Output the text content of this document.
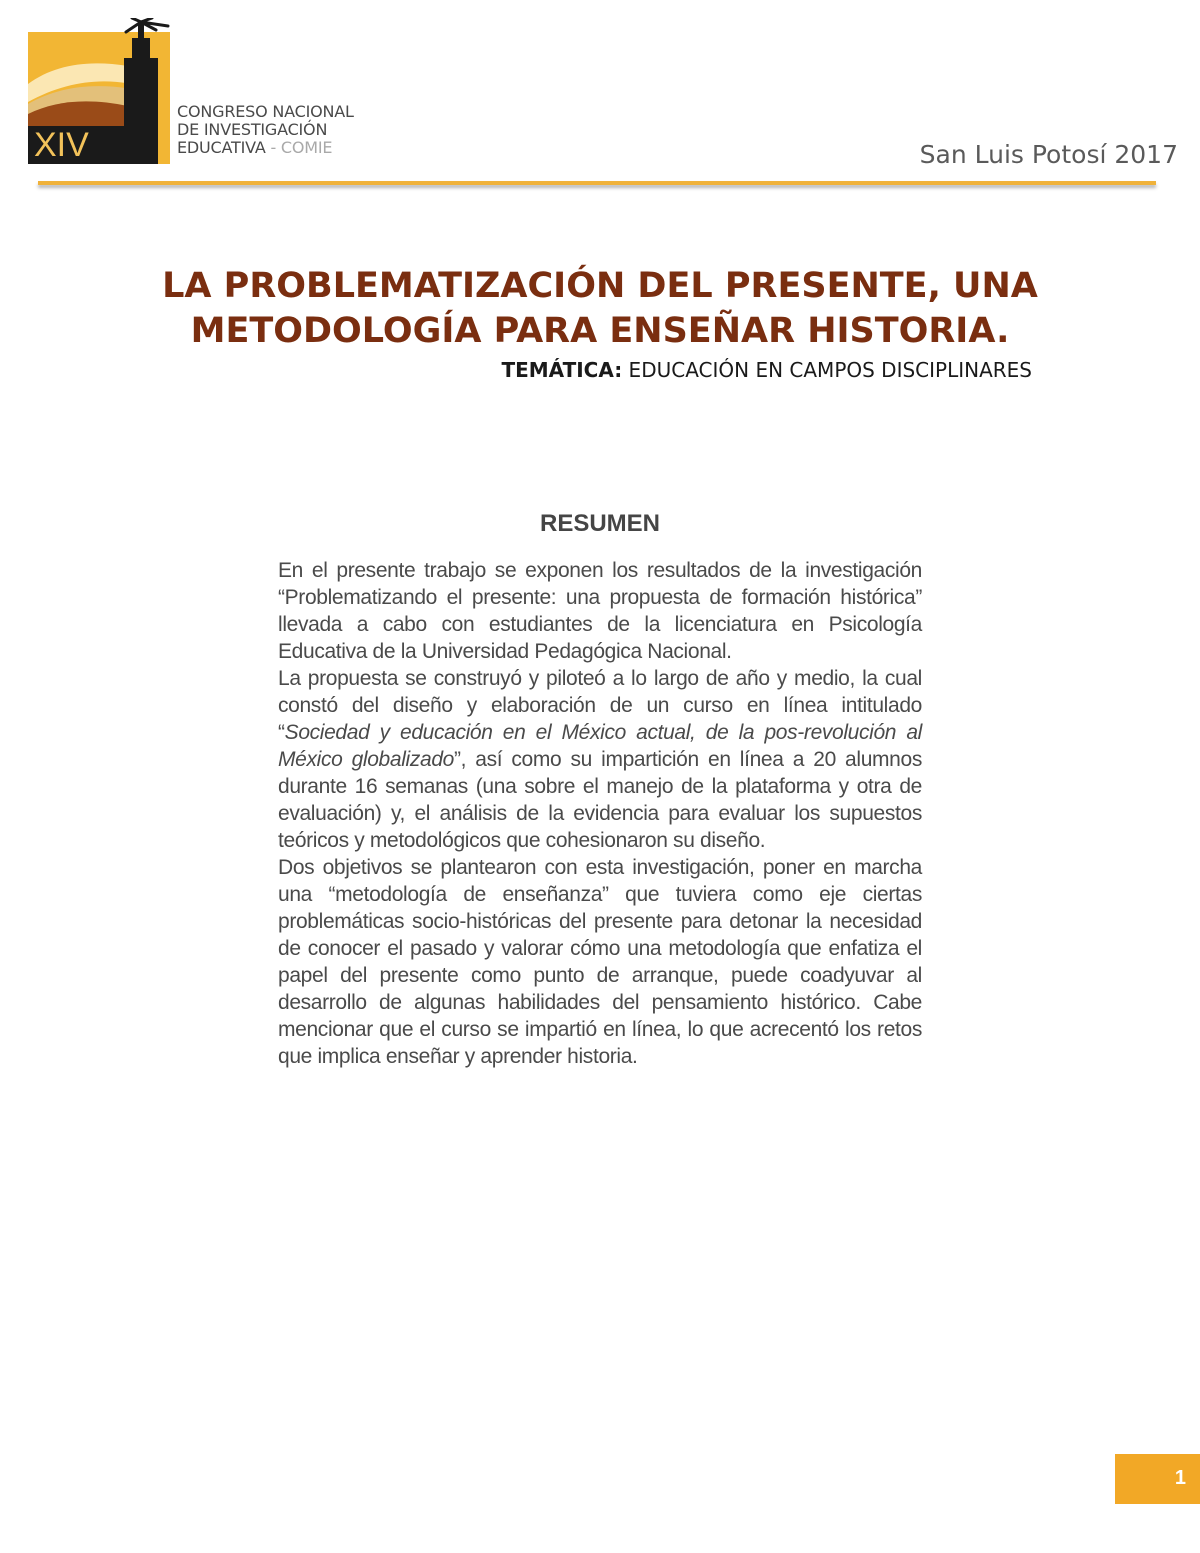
XIV
CONGRESO NACIONAL
DE INVESTIGACIÓN
EDUCATIVA - COMIE	San Luis Potosí 2017
LA PROBLEMATIZACIÓN DEL PRESENTE, UNA
METODOLOGÍA PARA ENSEÑAR HISTORIA.
TEMÁTICA: EDUCACIÓN EN CAMPOS DISCIPLINARES
RESUMEN

En el presente trabajo se exponen los resultados de la investigación “Problematizando el presente: una propuesta de formación histórica” llevada a cabo con estudiantes de la licenciatura en Psicología Educativa de la Universidad Pedagógica Nacional.

La propuesta se construyó y piloteó a lo largo de año y medio, la cual constó del diseño y elaboración de un curso en línea intitulado “Sociedad y educación en el México actual, de la pos-revolución al México globalizado”, así como su impartición en línea a 20 alumnos durante 16 semanas (una sobre el manejo de la plataforma y otra de evaluación) y, el análisis de la evidencia para evaluar los supuestos teóricos y metodológicos que cohesionaron su diseño.

Dos objetivos se plantearon con esta investigación, poner en marcha una “metodología de enseñanza” que tuviera como eje ciertas problemáticas socio-históricas del presente para detonar la necesidad de conocer el pasado y valorar cómo una metodología que enfatiza el papel del presente como punto de arranque, puede coadyuvar al desarrollo de algunas habilidades del pensamiento histórico. Cabe mencionar que el curso se impartió en línea, lo que acrecentó los retos que implica enseñar y aprender historia.

1
